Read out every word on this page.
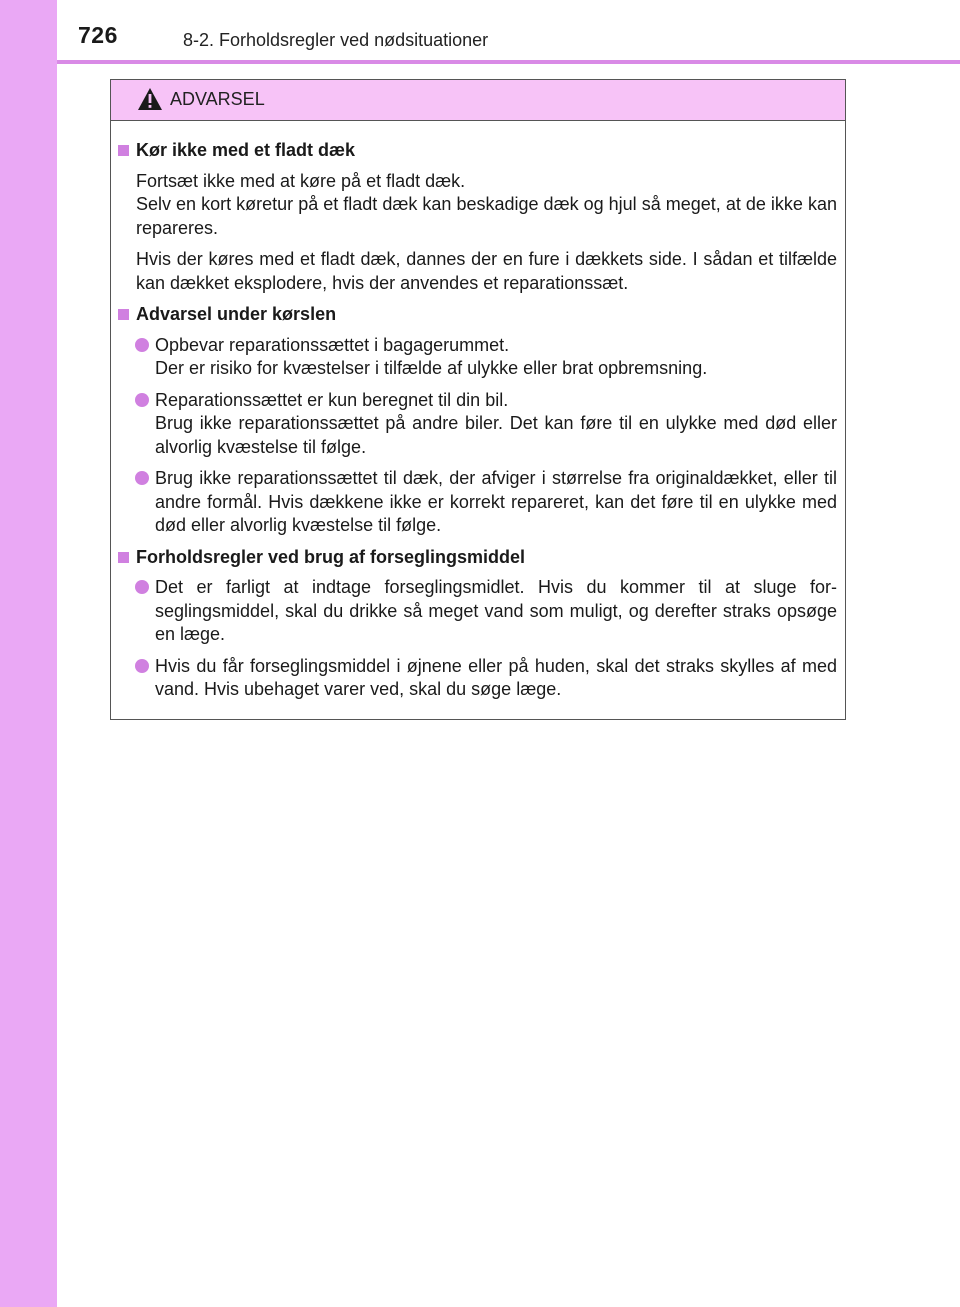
726	8-2. Forholdsregler ved nødsituationer
ADVARSEL
Kør ikke med et fladt dæk
Fortsæt ikke med at køre på et fladt dæk.
Selv en kort køretur på et fladt dæk kan beskadige dæk og hjul så meget, at de ikke kan repareres.
Hvis der køres med et fladt dæk, dannes der en fure i dækkets side. I sådan et tilfælde kan dækket eksplodere, hvis der anvendes et reparationssæt.
Advarsel under kørslen
Opbevar reparationssættet i bagagerummet.
Der er risiko for kvæstelser i tilfælde af ulykke eller brat opbremsning.
Reparationssættet er kun beregnet til din bil.
Brug ikke reparationssættet på andre biler. Det kan føre til en ulykke med død eller alvorlig kvæstelse til følge.
Brug ikke reparationssættet til dæk, der afviger i størrelse fra originaldækket, eller til andre formål. Hvis dækkene ikke er korrekt repareret, kan det føre til en ulykke med død eller alvorlig kvæstelse til følge.
Forholdsregler ved brug af forseglingsmiddel
Det er farligt at indtage forseglingsmidlet. Hvis du kommer til at sluge forseglingsmiddel, skal du drikke så meget vand som muligt, og derefter straks opsøge en læge.
Hvis du får forseglingsmiddel i øjnene eller på huden, skal det straks skylles af med vand. Hvis ubehaget varer ved, skal du søge læge.
